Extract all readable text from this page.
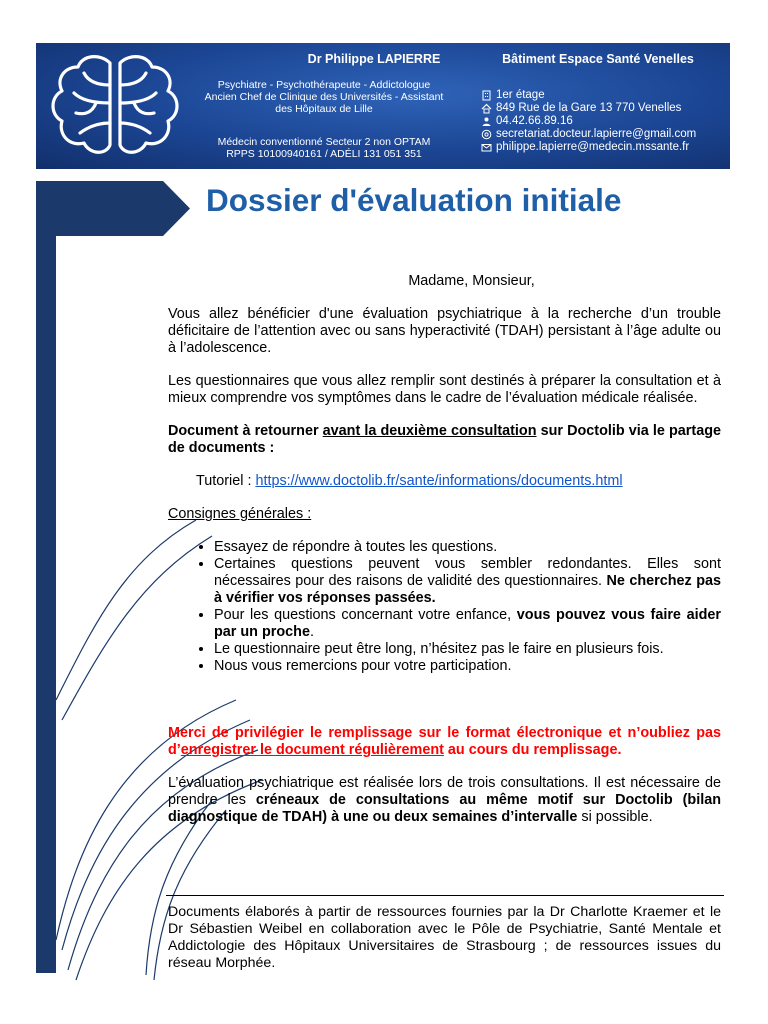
Dr Philippe LAPIERRE	Bâtiment Espace Santé Venelles
Psychiatre - Psychothérapeute - Addictologue
Ancien Chef de Clinique des Universités - Assistant
des Hôpitaux de Lille
Médecin conventionné Secteur 2 non OPTAM
RPPS 10100940161 / ADÉLI 131 051 351
1er étage
849 Rue de la Gare 13 770 Venelles
04.42.66.89.16
secretariat.docteur.lapierre@gmail.com
philippe.lapierre@medecin.mssante.fr
Dossier d'évaluation initiale

Madame, Monsieur,

Vous allez bénéficier d'une évaluation psychiatrique à la recherche d’un trouble déficitaire de l’attention avec ou sans hyperactivité (TDAH) persistant à l’âge adulte ou à l’adolescence.

Les questionnaires que vous allez remplir sont destinés à préparer la consultation et à mieux comprendre vos symptômes dans le cadre de l’évaluation médicale réalisée.

Document à retourner avant la deuxième consultation sur Doctolib via le partage de documents :

Tutoriel : https://www.doctolib.fr/sante/informations/documents.html

Consignes générales :

• Essayez de répondre à toutes les questions.
• Certaines questions peuvent vous sembler redondantes. Elles sont nécessaires pour des raisons de validité des questionnaires. Ne cherchez pas à vérifier vos réponses passées.
• Pour les questions concernant votre enfance, vous pouvez vous faire aider par un proche.
• Le questionnaire peut être long, n’hésitez pas le faire en plusieurs fois.
• Nous vous remercions pour votre participation.

Merci de privilégier le remplissage sur le format électronique et n’oubliez pas d’enregistrer le document régulièrement au cours du remplissage.

L’évaluation psychiatrique est réalisée lors de trois consultations. Il est nécessaire de prendre les créneaux de consultations au même motif sur Doctolib (bilan diagnostique de TDAH) à une ou deux semaines d’intervalle si possible.

Documents élaborés à partir de ressources fournies par la Dr Charlotte Kraemer et le Dr Sébastien Weibel en collaboration avec le Pôle de Psychiatrie, Santé Mentale et Addictologie des Hôpitaux Universitaires de Strasbourg ; de ressources issues du réseau Morphée.
